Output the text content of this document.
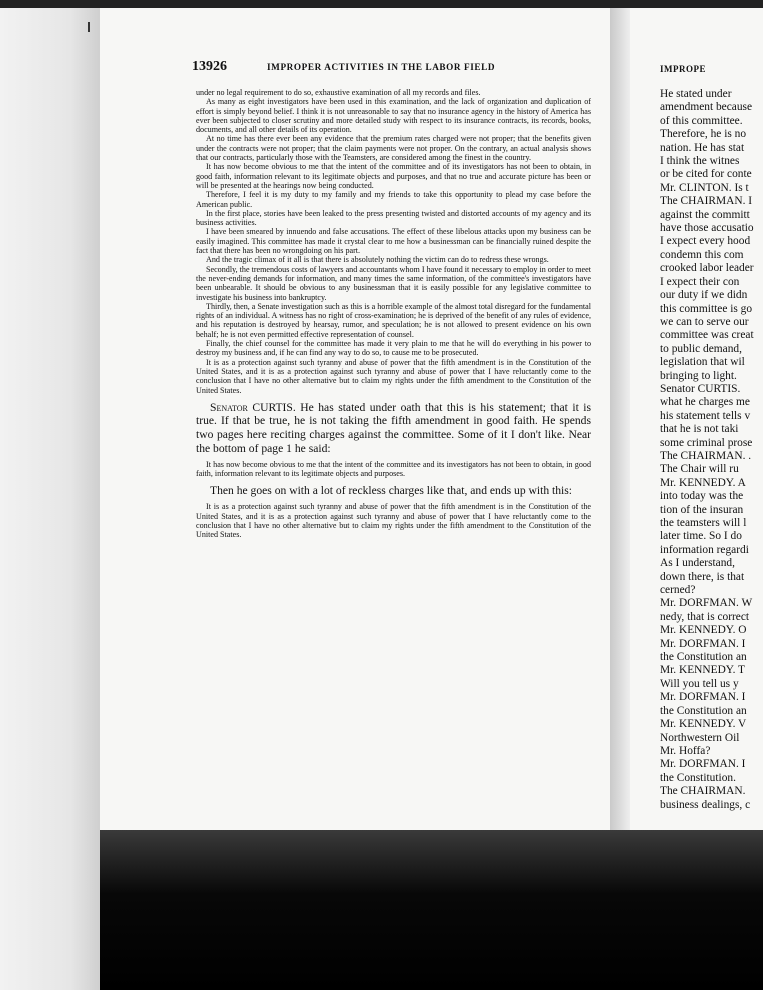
13926	IMPROPER ACTIVITIES IN THE LABOR FIELD

under no legal requirement to do so, exhaustive examination of all my records and files.

As many as eight investigators have been used in this examination, and the lack of organization and duplication of effort is simply beyond belief. I think it is not unreasonable to say that no insurance agency in the history of America has ever been subjected to closer scrutiny and more detailed study with respect to its insurance contracts, its records, books, documents, and all other details of its operation.

At no time has there ever been any evidence that the premium rates charged were not proper; that the benefits given under the contracts were not proper; that the claim payments were not proper. On the contrary, an actual analysis shows that our contracts, particularly those with the Teamsters, are considered among the finest in the country.

It has now become obvious to me that the intent of the committee and of its investigators has not been to obtain, in good faith, information relevant to its legitimate objects and purposes, and that no true and accurate picture has been or will be presented at the hearings now being conducted.

Therefore, I feel it is my duty to my family and my friends to take this opportunity to plead my case before the American public.

In the first place, stories have been leaked to the press presenting twisted and distorted accounts of my agency and its business activities.

I have been smeared by innuendo and false accusations. The effect of these libelous attacks upon my business can be easily imagined. This committee has made it crystal clear to me how a businessman can be financially ruined despite the fact that there has been no wrongdoing on his part.

And the tragic climax of it all is that there is absolutely nothing the victim can do to redress these wrongs.

Secondly, the tremendous costs of lawyers and accountants whom I have found it necessary to employ in order to meet the never-ending demands for information, and many times the same information, of the committee's investigators have been unbearable. It should be obvious to any businessman that it is easily possible for any legislative committee to investigate his business into bankruptcy.

Thirdly, then, a Senate investigation such as this is a horrible example of the almost total disregard for the fundamental rights of an individual. A witness has no right of cross-examination; he is deprived of the benefit of any rules of evidence, and his reputation is destroyed by hearsay, rumor, and speculation; he is not allowed to present evidence on his own behalf; he is not even permitted effective representation of counsel.

Finally, the chief counsel for the committee has made it very plain to me that he will do everything in his power to destroy my business and, if he can find any way to do so, to cause me to be prosecuted.

It is as a protection against such tyranny and abuse of power that the fifth amendment is in the Constitution of the United States, and it is as a protection against such tyranny and abuse of power that I have reluctantly come to the conclusion that I have no other alternative but to claim my rights under the fifth amendment to the Constitution of the United States.

Senator CURTIS. He has stated under oath that this is his statement; that it is true. If that be true, he is not taking the fifth amendment in good faith. He spends two pages here reciting charges against the committee. Some of it I don't like. Near the bottom of page 1 he said:

It has now become obvious to me that the intent of the committee and its investigators has not been to obtain, in good faith, information relevant to its legitimate objects and purposes.

Then he goes on with a lot of reckless charges like that, and ends up with this:

It is as a protection against such tyranny and abuse of power that the fifth amendment is in the Constitution of the United States, and it is as a protection against such tyranny and abuse of power that I have reluctantly come to the conclusion that I have no other alternative but to claim my rights under the fifth amendment to the Constitution of the United States.

IMPROPE
He stated under
amendment because
of this committee.
Therefore, he is no
nation. He has stat
I think the witnes
or be cited for conte
Mr. CLINTON. Is t
The CHAIRMAN. I
against the committ
have those accusatio
I expect every hood
condemn this com
crooked labor leader
I expect their con
our duty if we didn
this committee is go
we can to serve our
committee was creat
to public demand,
legislation that wil
bringing to light.
Senator CURTIS.
what he charges me
his statement tells v
that he is not taki
some criminal prose
The CHAIRMAN. .
The Chair will ru
Mr. KENNEDY. A
into today was the
tion of the insuran
the teamsters will l
later time. So I do
information regardi
As I understand,
down there, is that
cerned?
Mr. DORFMAN. W
nedy, that is correct
Mr. KENNEDY. O
Mr. DORFMAN. I
the Constitution an
Mr. KENNEDY. T
Will you tell us y
Mr. DORFMAN. I
the Constitution an
Mr. KENNEDY. V
Northwestern Oil
Mr. Hoffa?
Mr. DORFMAN. I
the Constitution.
The CHAIRMAN.
business dealings, c
